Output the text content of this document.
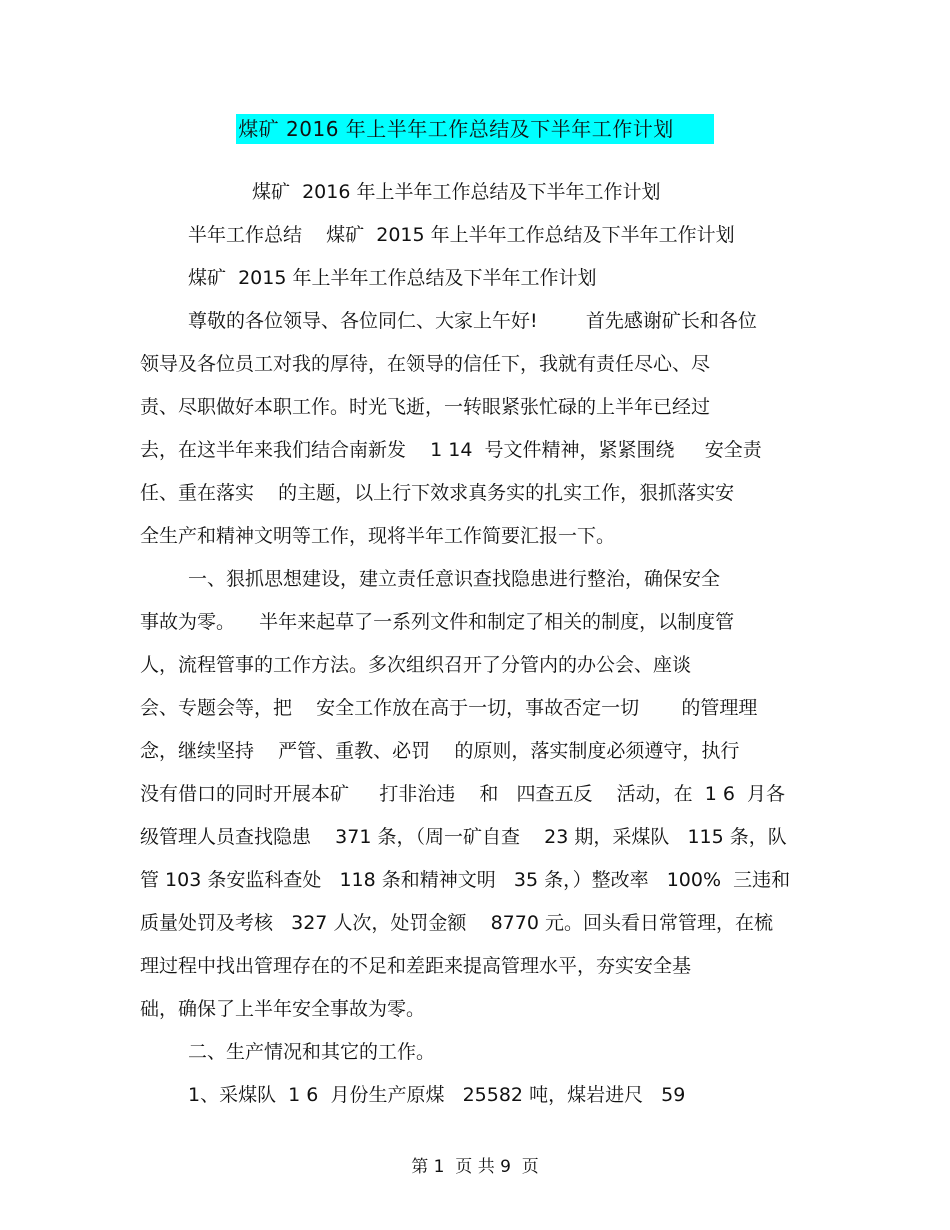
煤矿 2016 年上半年工作总结及下半年工作计划
煤矿  2016 年上半年工作总结及下半年工作计划
半年工作总结    煤矿  2015 年上半年工作总结及下半年工作计划
煤矿  2015 年上半年工作总结及下半年工作计划
尊敬的各位领导、各位同仁、大家上午好!        首先感谢矿长和各位
领导及各位员工对我的厚待，在领导的信任下，我就有责任尽心、尽
责、尽职做好本职工作。时光飞逝，一转眼紧张忙碌的上半年已经过
去，在这半年来我们结合南新发    1 14  号文件精神，紧紧围绕     安全责
任、重在落实    的主题，以上行下效求真务实的扎实工作，狠抓落实安
全生产和精神文明等工作，现将半年工作简要汇报一下。
一、狠抓思想建设，建立责任意识查找隐患进行整治，确保安全
事故为零。    半年来起草了一系列文件和制定了相关的制度，以制度管
人，流程管事的工作方法。多次组织召开了分管内的办公会、座谈
会、专题会等，把    安全工作放在高于一切，事故否定一切       的管理理
念，继续坚持    严管、重教、必罚    的原则，落实制度必须遵守，执行
没有借口的同时开展本矿     打非治违    和   四查五反    活动，在  1 6  月各
级管理人员查找隐患    371 条，（周一矿自查    23 期，采煤队   115 条，队
管 103 条安监科查处   118 条和精神文明   35 条，）整改率   100%  三违和
质量处罚及考核   327 人次，处罚金额    8770 元。回头看日常管理，在梳
理过程中找出管理存在的不足和差距来提高管理水平，夯实安全基
础，确保了上半年安全事故为零。
二、生产情况和其它的工作。
1、采煤队  1 6  月份生产原煤   25582 吨，煤岩进尺   59
第 1  页 共 9  页
